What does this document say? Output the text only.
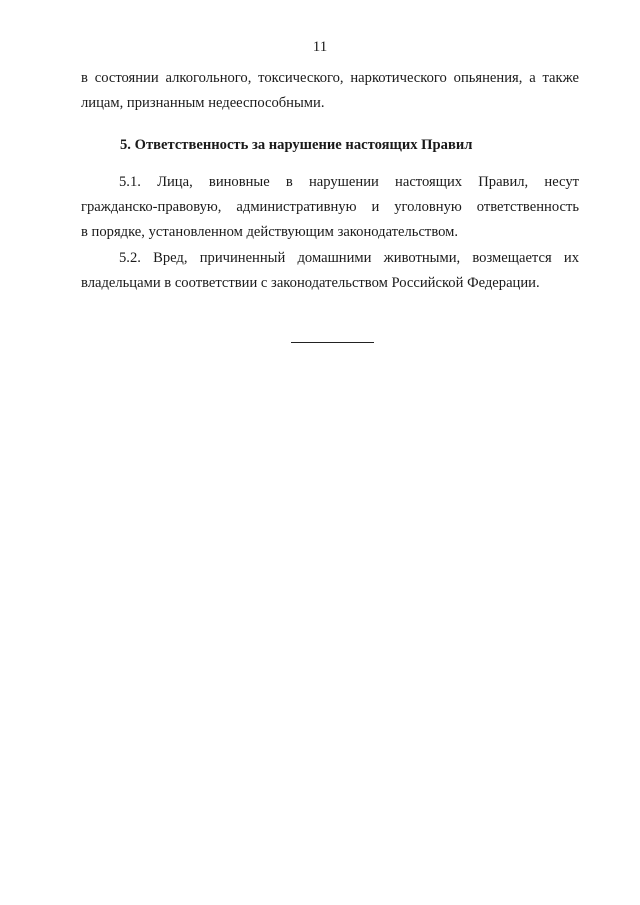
11
в состоянии алкогольного, токсического, наркотического опьянения, а также
лицам, признанным недееспособными.
5. Ответственность за нарушение настоящих Правил
5.1. Лица, виновные в нарушении настоящих Правил, несут
гражданско-правовую, административную и уголовную ответственность
в порядке, установленном действующим законодательством.
5.2. Вред, причиненный домашними животными, возмещается их
владельцами в соответствии с законодательством Российской Федерации.
